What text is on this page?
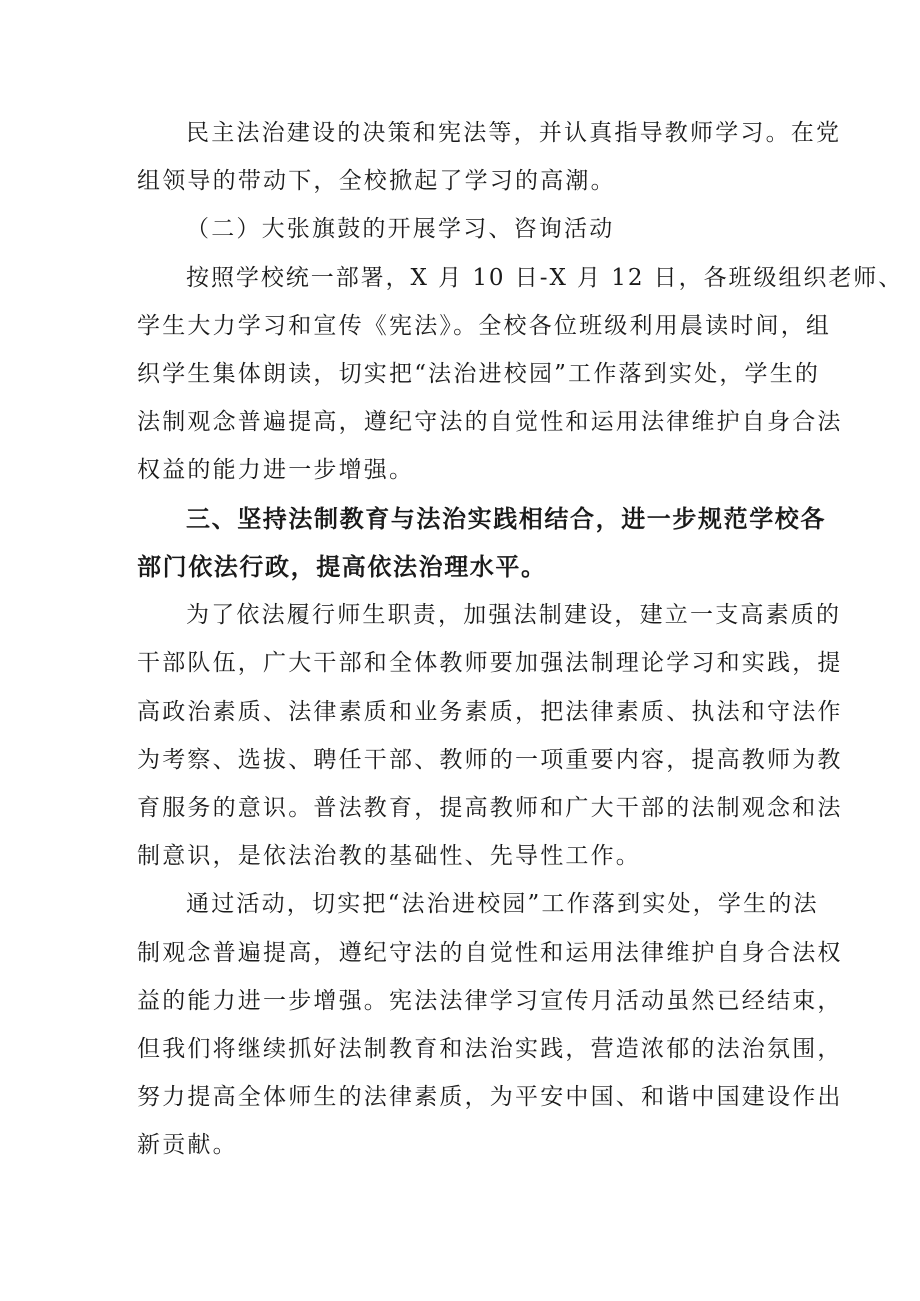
民主法治建设的决策和宪法等，并认真指导教师学习。在党
组领导的带动下，全校掀起了学习的高潮。
（二）大张旗鼓的开展学习、咨询活动
按照学校统一部署，X 月 10 日-X 月 12 日，各班级组织老师、
学生大力学习和宣传《宪法》。全校各位班级利用晨读时间，组
织学生集体朗读，切实把“法治进校园”工作落到实处，学生的
法制观念普遍提高，遵纪守法的自觉性和运用法律维护自身合法
权益的能力进一步增强。
三、坚持法制教育与法治实践相结合，进一步规范学校各
部门依法行政，提高依法治理水平。
为了依法履行师生职责，加强法制建设，建立一支高素质的
干部队伍，广大干部和全体教师要加强法制理论学习和实践，提
高政治素质、法律素质和业务素质，把法律素质、执法和守法作
为考察、选拔、聘任干部、教师的一项重要内容，提高教师为教
育服务的意识。普法教育，提高教师和广大干部的法制观念和法
制意识，是依法治教的基础性、先导性工作。
通过活动，切实把“法治进校园”工作落到实处，学生的法
制观念普遍提高，遵纪守法的自觉性和运用法律维护自身合法权
益的能力进一步增强。宪法法律学习宣传月活动虽然已经结束，
但我们将继续抓好法制教育和法治实践，营造浓郁的法治氛围，
努力提高全体师生的法律素质，为平安中国、和谐中国建设作出
新贡献。
